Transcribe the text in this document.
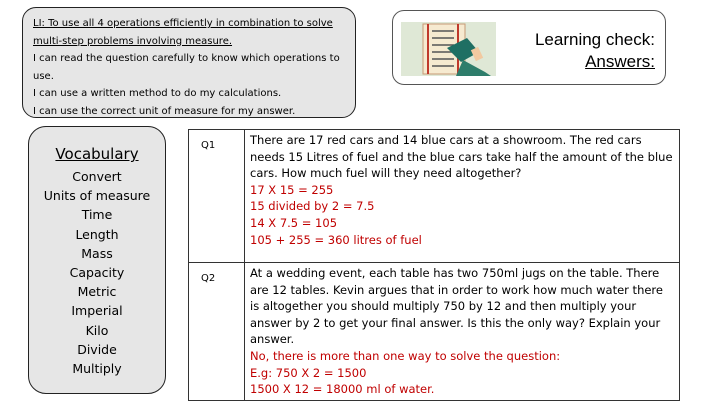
LI: To use all 4 operations efficiently in combination to solve multi-step problems involving measure.
I can read the question carefully to know which operations to use.
I can use a written method to do my calculations.
I can use the correct unit of measure for my answer.
Learning check:
Answers:
Vocabulary
Convert
Units of measure
Time
Length
Mass
Capacity
Metric
Imperial
Kilo
Divide
Multiply
Q1	There are 17 red cars and 14 blue cars at a showroom. The red cars needs 15 Litres of fuel and the blue cars take half the amount of the blue cars. How much fuel will they need altogether?
17 X 15 = 255
15 divided by 2 = 7.5
14 X 7.5 = 105
105 + 255 = 360 litres of fuel

Q2	At a wedding event, each table has two 750ml jugs on the table. There are 12 tables. Kevin argues that in order to work how much water there is altogether you should multiply 750 by 12 and then multiply your answer by 2 to get your final answer. Is this the only way? Explain your answer.
No, there is more than one way to solve the question:
E.g: 750 X 2 = 1500
1500 X 12 = 18000 ml of water.
